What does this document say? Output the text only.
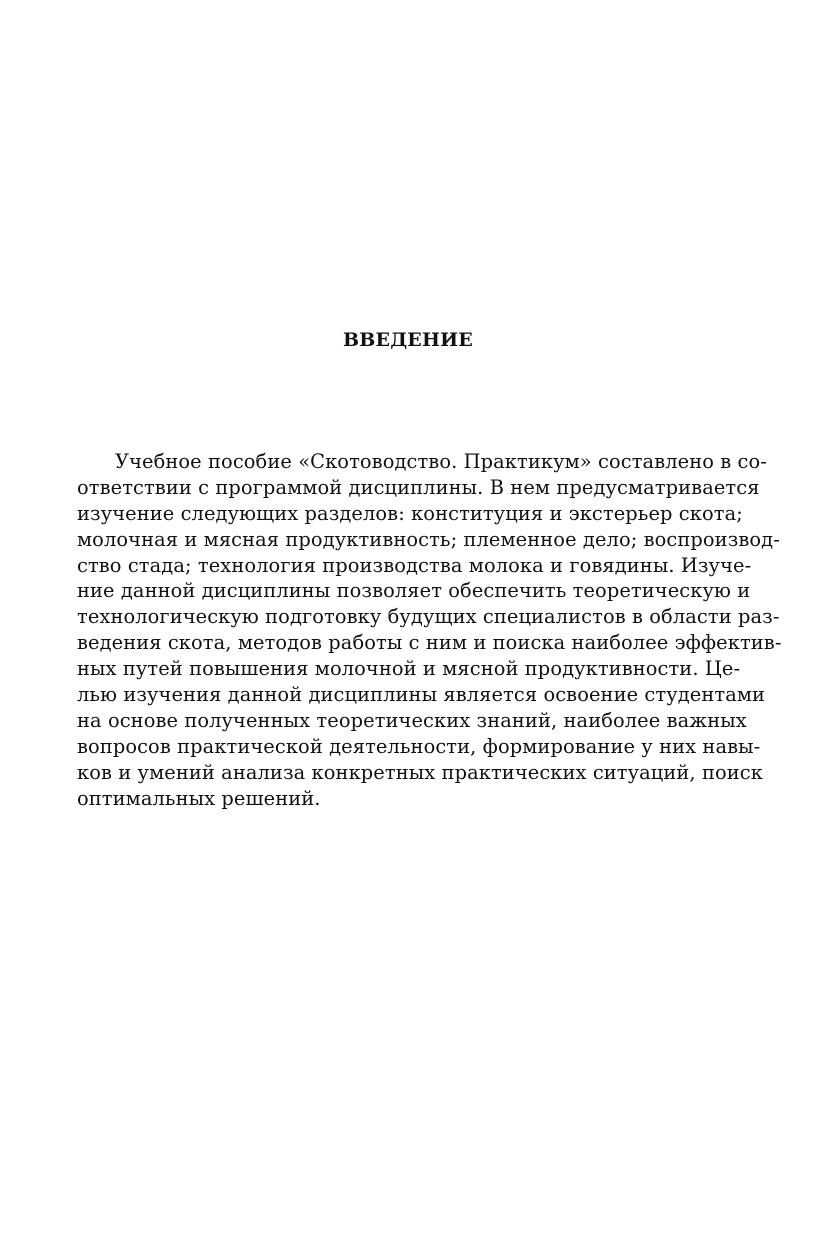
ВВЕДЕНИЕ
Учебное пособие «Скотоводство. Практикум» составлено в со-
ответствии с программой дисциплины. В нем предусматривается
изучение следующих разделов: конституция и экстерьер скота;
молочная и мясная продуктивность; племенное дело; воспроизвод-
ство стада; технология производства молока и говядины. Изуче-
ние данной дисциплины позволяет обеспечить теоретическую и
технологическую подготовку будущих специалистов в области раз-
ведения скота, методов работы с ним и поиска наиболее эффектив-
ных путей повышения молочной и мясной продуктивности. Це-
лью изучения данной дисциплины является освоение студентами
на основе полученных теоретических знаний, наиболее важных
вопросов практической деятельности, формирование у них навы-
ков и умений анализа конкретных практических ситуаций, поиск
оптимальных решений.
